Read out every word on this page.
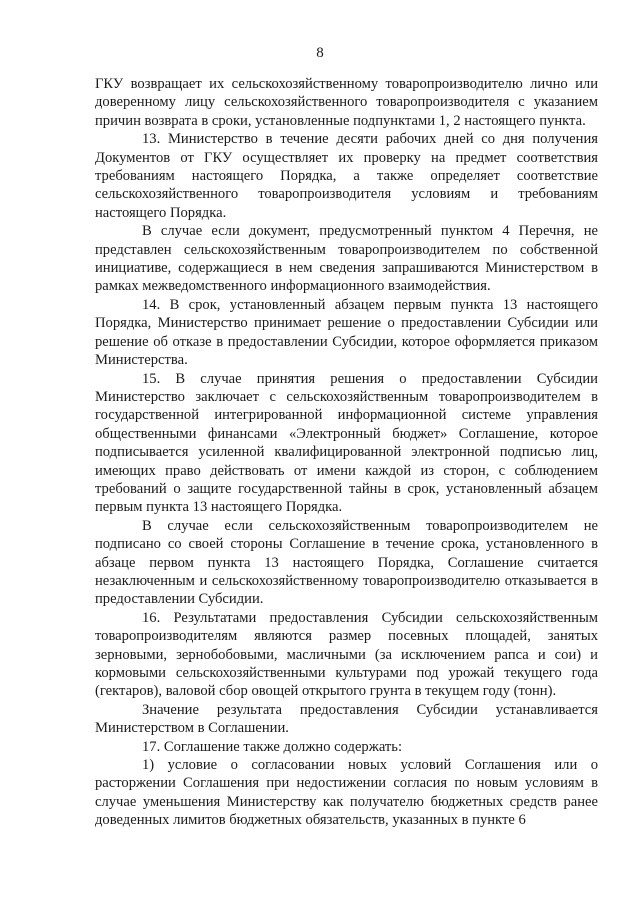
8

ГКУ возвращает их сельскохозяйственному товаропроизводителю лично или доверенному лицу сельскохозяйственного товаропроизводителя с указанием причин возврата в сроки, установленные подпунктами 1, 2 настоящего пункта.

13. Министерство в течение десяти рабочих дней со дня получения Документов от ГКУ осуществляет их проверку на предмет соответствия требованиям настоящего Порядка, а также определяет соответствие сельскохозяйственного товаропроизводителя условиям и требованиям настоящего Порядка.

В случае если документ, предусмотренный пунктом 4 Перечня, не представлен сельскохозяйственным товаропроизводителем по собственной инициативе, содержащиеся в нем сведения запрашиваются Министерством в рамках межведомственного информационного взаимодействия.

14. В срок, установленный абзацем первым пункта 13 настоящего Порядка, Министерство принимает решение о предоставлении Субсидии или решение об отказе в предоставлении Субсидии, которое оформляется приказом Министерства.

15. В случае принятия решения о предоставлении Субсидии Министерство заключает с сельскохозяйственным товаропроизводителем в государственной интегрированной информационной системе управления общественными финансами «Электронный бюджет» Соглашение, которое подписывается усиленной квалифицированной электронной подписью лиц, имеющих право действовать от имени каждой из сторон, с соблюдением требований о защите государственной тайны в срок, установленный абзацем первым пункта 13 настоящего Порядка.

В случае если сельскохозяйственным товаропроизводителем не подписано со своей стороны Соглашение в течение срока, установленного в абзаце первом пункта 13 настоящего Порядка, Соглашение считается незаключенным и сельскохозяйственному товаропроизводителю отказывается в предоставлении Субсидии.

16. Результатами предоставления Субсидии сельскохозяйственным товаропроизводителям являются размер посевных площадей, занятых зерновыми, зернобобовыми, масличными (за исключением рапса и сои) и кормовыми сельскохозяйственными культурами под урожай текущего года (гектаров), валовой сбор овощей открытого грунта в текущем году (тонн).

Значение результата предоставления Субсидии устанавливается Министерством в Соглашении.

17. Соглашение также должно содержать:

1) условие о согласовании новых условий Соглашения или о расторжении Соглашения при недостижении согласия по новым условиям в случае уменьшения Министерству как получателю бюджетных средств ранее доведенных лимитов бюджетных обязательств, указанных в пункте 6
